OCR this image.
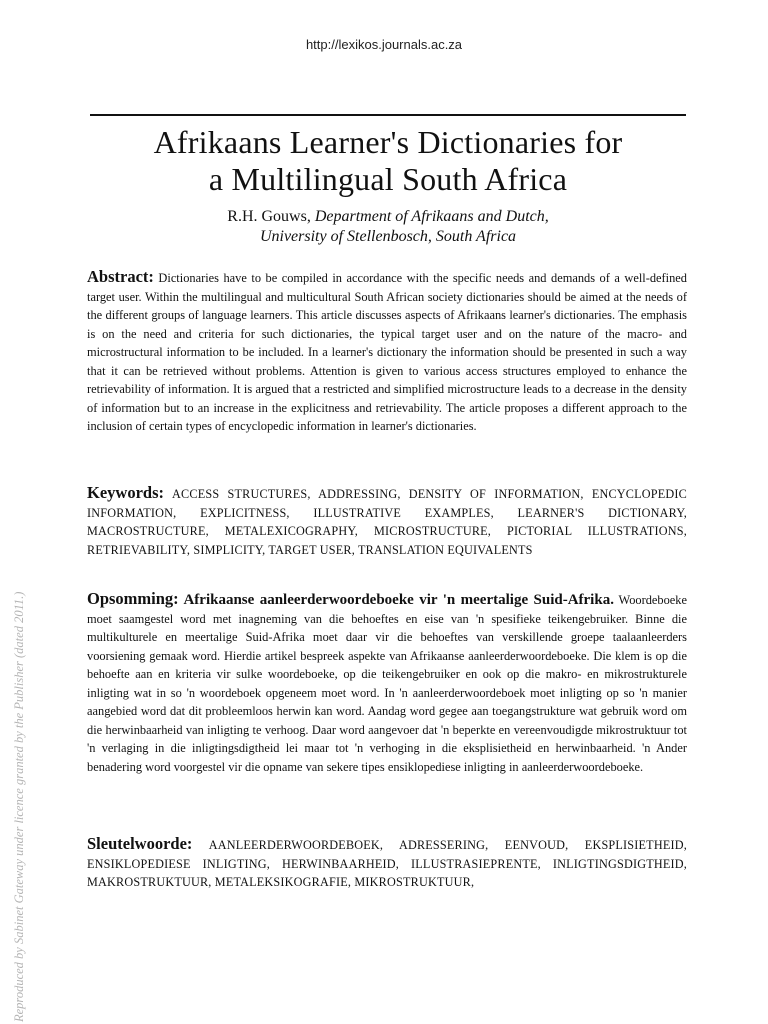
http://lexikos.journals.ac.za
Afrikaans Learner's Dictionaries for
a Multilingual South Africa
R.H. Gouws, Department of Afrikaans and Dutch,
University of Stellenbosch, South Africa
Abstract: Dictionaries have to be compiled in accordance with the specific needs and demands of a well-defined target user. Within the multilingual and multicultural South African society dictionaries should be aimed at the needs of the different groups of language learners. This article discusses aspects of Afrikaans learner's dictionaries. The emphasis is on the need and criteria for such dictionaries, the typical target user and on the nature of the macro- and microstructural information to be included. In a learner's dictionary the information should be presented in such a way that it can be retrieved without problems. Attention is given to various access structures employed to enhance the retrievability of information. It is argued that a restricted and simplified microstructure leads to a decrease in the density of information but to an increase in the explicitness and retrievability. The article proposes a different approach to the inclusion of certain types of encyclopedic information in learner's dictionaries.
Keywords: ACCESS STRUCTURES, ADDRESSING, DENSITY OF INFORMATION, ENCYCLOPEDIC INFORMATION, EXPLICITNESS, ILLUSTRATIVE EXAMPLES, LEARNER'S DICTIONARY, MACROSTRUCTURE, METALEXICOGRAPHY, MICROSTRUCTURE, PICTORIAL ILLUSTRATIONS, RETRIEVABILITY, SIMPLICITY, TARGET USER, TRANSLATION EQUIVALENTS
Opsomming: Afrikaanse aanleerderwoordeboeke vir 'n meertalige Suid-Afrika. Woordeboeke moet saamgestel word met inagneming van die behoeftes en eise van 'n spesifieke teikengebruiker. Binne die multikulturele en meertalige Suid-Afrika moet daar vir die behoeftes van verskillende groepe taalaanleerders voorsiening gemaak word. Hierdie artikel bespreek aspekte van Afrikaanse aanleerderwoordeboeke. Die klem is op die behoefte aan en kriteria vir sulke woordeboeke, op die teikengebruiker en ook op die makro- en mikrostrukturele inligting wat in so 'n woordeboek opgeneem moet word. In 'n aanleerderwoordeboek moet inligting op so 'n manier aangebied word dat dit probleemloos herwin kan word. Aandag word gegee aan toegangstrukture wat gebruik word om die herwinbaarheid van inligting te verhoog. Daar word aangevoer dat 'n beperkte en vereenvoudigde mikrostruktuur tot 'n verlaging in die inligtingsdigtheid lei maar tot 'n verhoging in die eksplisietheid en herwinbaarheid. 'n Ander benadering word voorgestel vir die opname van sekere tipes ensiklopediese inligting in aanleerderwoordeboeke.
Sleutelwoorde: AANLEERDERWOORDEBOEK, ADRESSERING, EENVOUD, EKSPLISIETHEID, ENSIKLOPEDIESE INLIGTING, HERWINBAARHEID, ILLUSTRASIEPRENTE, INLIGTINGSDIGTHEID, MAKROSTRUKTUUR, METALEKSIKOGRAFIE, MIKROSTRUKTUUR,
Reproduced by Sabinet Gateway under licence granted by the Publisher (dated 2011.)
